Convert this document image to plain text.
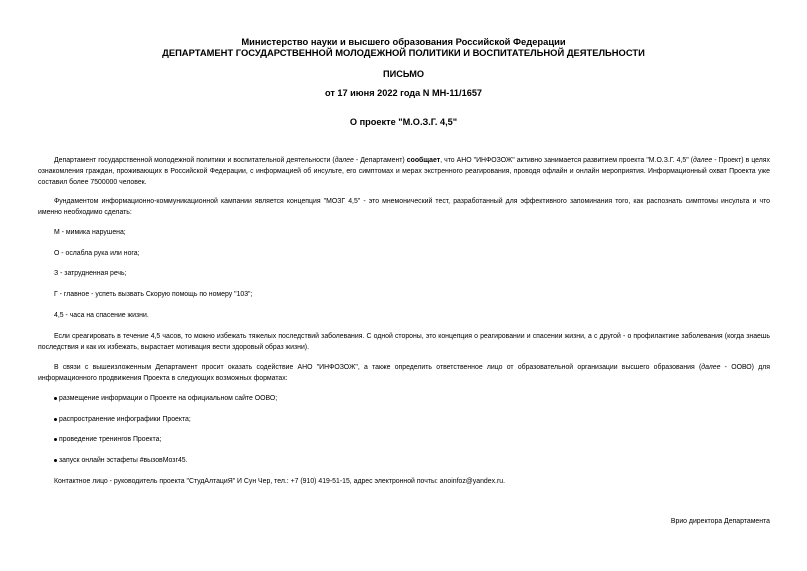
Министерство науки и высшего образования Российской Федерации
ДЕПАРТАМЕНТ ГОСУДАРСТВЕННОЙ МОЛОДЕЖНОЙ ПОЛИТИКИ И ВОСПИТАТЕЛЬНОЙ ДЕЯТЕЛЬНОСТИ
ПИСЬМО
от 17 июня 2022 года N МН-11/1657
О проекте "М.О.З.Г. 4,5"

Департамент государственной молодежной политики и воспитательной деятельности (далее - Департамент) сообщает, что АНО "ИНФОЗОЖ" активно занимается развитием проекта "М.О.З.Г. 4,5" (далее - Проект) в целях ознакомления граждан, проживающих в Российской Федерации, с информацией об инсульте, его симптомах и мерах экстренного реагирования, проводя офлайн и онлайн мероприятия. Информационный охват Проекта уже составил более 7500000 человек.

Фундаментом информационно-коммуникационной кампании является концепция "МОЗГ 4,5" - это мнемонический тест, разработанный для эффективного запоминания того, как распознать симптомы инсульта и что именно необходимо сделать:

М - мимика нарушена;
О - ослабла рука или нога;
З - затрудненная речь;
Г - главное - успеть вызвать Скорую помощь по номеру "103";
4,5 - часа на спасение жизни.

Если среагировать в течение 4,5 часов, то можно избежать тяжелых последствий заболевания. С одной стороны, это концепция о реагировании и спасении жизни, а с другой - о профилактике заболевания (когда знаешь последствия и как их избежать, вырастает мотивация вести здоровый образ жизни).

В связи с вышеизложенным Департамент просит оказать содействие АНО "ИНФОЗОЖ", а также определить ответственное лицо от образовательной организации высшего образования (далее - ООВО) для информационного продвижения Проекта в следующих возможных форматах:

размещение информации о Проекте на официальном сайте ООВО;
распространение инфографики Проекта;
проведение тренингов Проекта;
запуск онлайн эстафеты #вызовМозг45.
Контактное лицо - руководитель проекта "СтудАлтациЯ" И Сун Чер, тел.: +7 (910) 419-51-15, адрес электронной почты: anoinfoz@yandex.ru.
Врио директора Департамента
